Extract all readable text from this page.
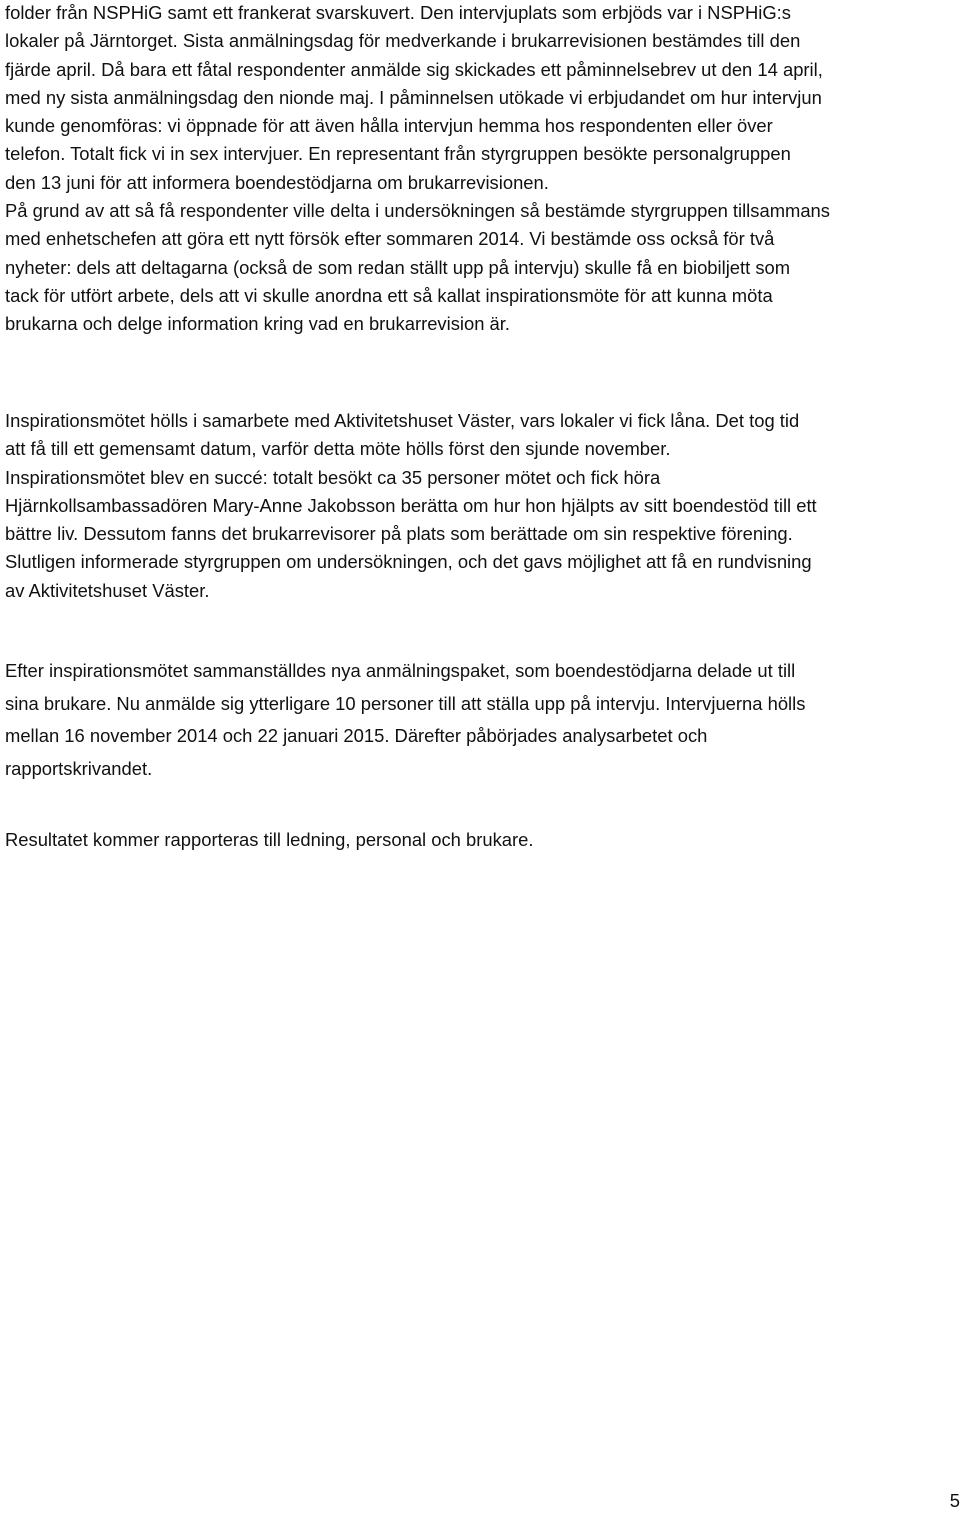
folder från NSPHiG samt ett frankerat svarskuvert. Den intervjuplats som erbjöds var i NSPHiG:s
lokaler på Järntorget. Sista anmälningsdag för medverkande i brukarrevisionen bestämdes till den
fjärde april. Då bara ett fåtal respondenter anmälde sig skickades ett påminnelsebrev ut den 14 april,
med ny sista anmälningsdag den nionde maj. I påminnelsen utökade vi erbjudandet om hur intervjun
kunde genomföras: vi öppnade för att även hålla intervjun hemma hos respondenten eller över
telefon. Totalt fick vi in sex intervjuer. En representant från styrgruppen besökte personalgruppen
den 13 juni för att informera boendestödjarna om brukarrevisionen.
På grund av att så få respondenter ville delta i undersökningen så bestämde styrgruppen tillsammans
med enhetschefen att göra ett nytt försök efter sommaren 2014. Vi bestämde oss också för två
nyheter: dels att deltagarna (också de som redan ställt upp på intervju) skulle få en biobiljett som
tack för utfört arbete, dels att vi skulle anordna ett så kallat inspirationsmöte för att kunna möta
brukarna och delge information kring vad en brukarrevision är.
Inspirationsmötet hölls i samarbete med Aktivitetshuset Väster, vars lokaler vi fick låna. Det tog tid
att få till ett gemensamt datum, varför detta möte hölls först den sjunde november.
Inspirationsmötet blev en succé: totalt besökt ca 35 personer mötet och fick höra
Hjärnkollsambassadören Mary-Anne Jakobsson berätta om hur hon hjälpts av sitt boendestöd till ett
bättre liv. Dessutom fanns det brukarrevisorer på plats som berättade om sin respektive förening.
Slutligen informerade styrgruppen om undersökningen, och det gavs möjlighet att få en rundvisning
av Aktivitetshuset Väster.
Efter inspirationsmötet sammanställdes nya anmälningspaket, som boendestödjarna delade ut till
sina brukare. Nu anmälde sig ytterligare 10 personer till att ställa upp på intervju. Intervjuerna hölls
mellan 16 november 2014 och 22 januari 2015. Därefter påbörjades analysarbetet och
rapportskrivandet.
Resultatet kommer rapporteras till ledning, personal och brukare.
5
